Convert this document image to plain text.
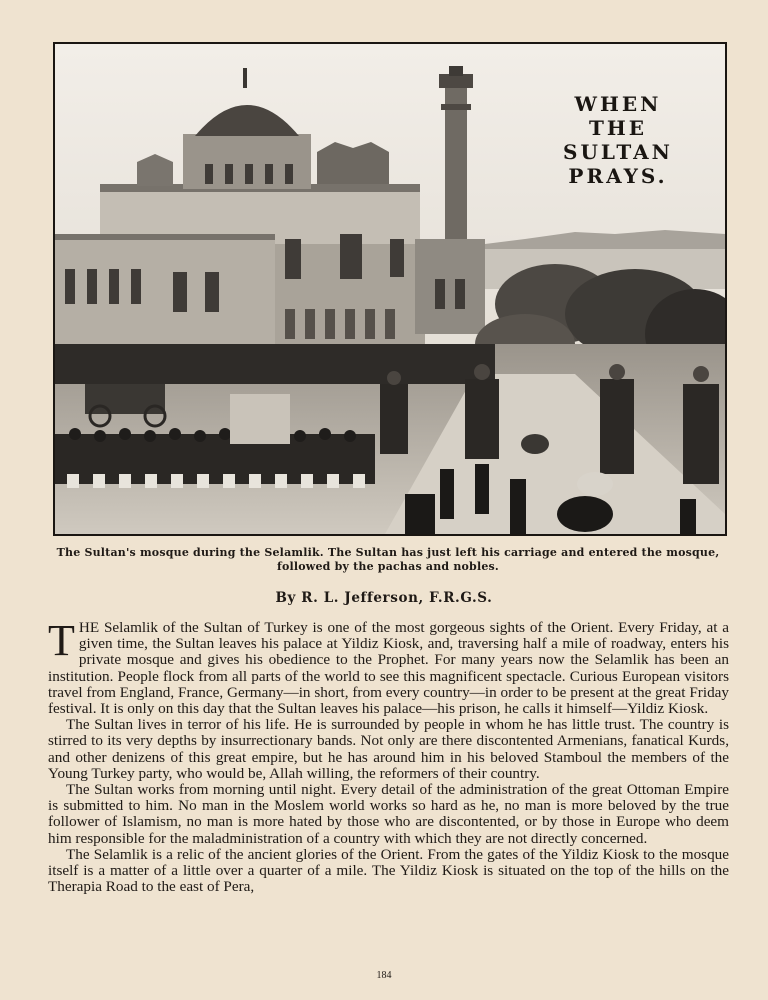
WHEN
THE
SULTAN
PRAYS.
The Sultan's mosque during the Selamlik. The Sultan has just left his carriage and entered the mosque, followed by the pachas and nobles.
By R. L. Jefferson, F.R.G.S.

THE Selamlik of the Sultan of Turkey is one of the most gorgeous sights of the Orient. Every Friday, at a given time, the Sultan leaves his palace at Yildiz Kiosk, and, traversing half a mile of roadway, enters his private mosque and gives his obedience to the Prophet. For many years now the Selamlik has been an institution. People flock from all parts of the world to see this magnificent spectacle. Curious European visitors travel from England, France, Germany—in short, from every country—in order to be present at the great Friday festival. It is only on this day that the Sultan leaves his palace—his prison, he calls it himself—Yildiz Kiosk.

The Sultan lives in terror of his life. He is surrounded by people in whom he has little trust. The country is stirred to its very depths by insurrectionary bands. Not only are there discontented Armenians, fanatical Kurds, and other denizens of this great empire, but he has around him in his beloved Stamboul the members of the Young Turkey party, who would be, Allah willing, the reformers of their country.

The Sultan works from morning until night. Every detail of the administration of the great Ottoman Empire is submitted to him. No man in the Moslem world works so hard as he, no man is more beloved by the true follower of Islamism, no man is more hated by those who are discontented, or by those in Europe who deem him responsible for the maladministration of a country with which they are not directly concerned.

The Selamlik is a relic of the ancient glories of the Orient. From the gates of the Yildiz Kiosk to the mosque itself is a matter of a little over a quarter of a mile. The Yildiz Kiosk is situated on the top of the hills on the Therapia Road to the east of Pera,

184
